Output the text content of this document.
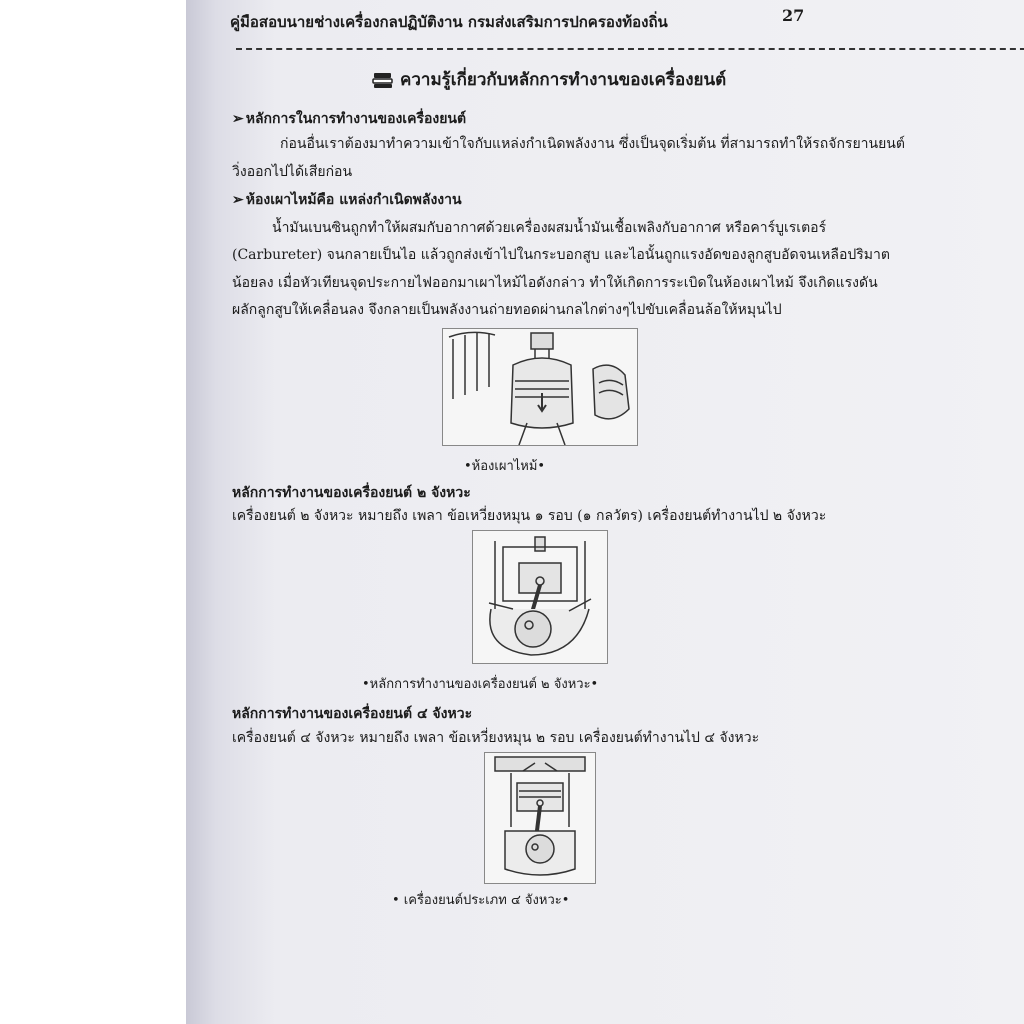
คู่มือสอบนายช่างเครื่องกลปฏิบัติงาน กรมส่งเสริมการปกครองท้องถิ่น	27
ความรู้เกี่ยวกับหลักการทำงานของเครื่องยนต์
➢ หลักการในการทำงานของเครื่องยนต์
ก่อนอื่นเราต้องมาทำความเข้าใจกับแหล่งกำเนิดพลังงาน ซึ่งเป็นจุดเริ่มต้น ที่สามารถทำให้รถจักรยานยนต์
วิ่งออกไปได้เสียก่อน
➢ ห้องเผาไหม้คือ แหล่งกำเนิดพลังงาน
น้ำมันเบนซินถูกทำให้ผสมกับอากาศด้วยเครื่องผสมน้ำมันเชื้อเพลิงกับอากาศ หรือคาร์บูเรเตอร์
(Carbureter) จนกลายเป็นไอ แล้วถูกส่งเข้าไปในกระบอกสูบ และไอนั้นถูกแรงอัดของลูกสูบอัดจนเหลือปริมาต
น้อยลง เมื่อหัวเทียนจุดประกายไฟออกมาเผาไหม้ไอดังกล่าว ทำให้เกิดการระเบิดในห้องเผาไหม้ จึงเกิดแรงดัน
ผลักลูกสูบให้เคลื่อนลง จึงกลายเป็นพลังงานถ่ายทอดผ่านกลไกต่างๆไปขับเคลื่อนล้อให้หมุนไป
•ห้องเผาไหม้•
หลักการทำงานของเครื่องยนต์ ๒ จังหวะ
เครื่องยนต์ ๒ จังหวะ หมายถึง เพลา ข้อเหวี่ยงหมุน ๑ รอบ (๑ กลวัตร) เครื่องยนต์ทำงานไป ๒ จังหวะ
•หลักการทำงานของเครื่องยนต์ ๒ จังหวะ•
หลักการทำงานของเครื่องยนต์ ๔ จังหวะ
เครื่องยนต์ ๔ จังหวะ หมายถึง เพลา ข้อเหวี่ยงหมุน ๒ รอบ เครื่องยนต์ทำงานไป ๔ จังหวะ
• เครื่องยนต์ประเภท ๔ จังหวะ•
